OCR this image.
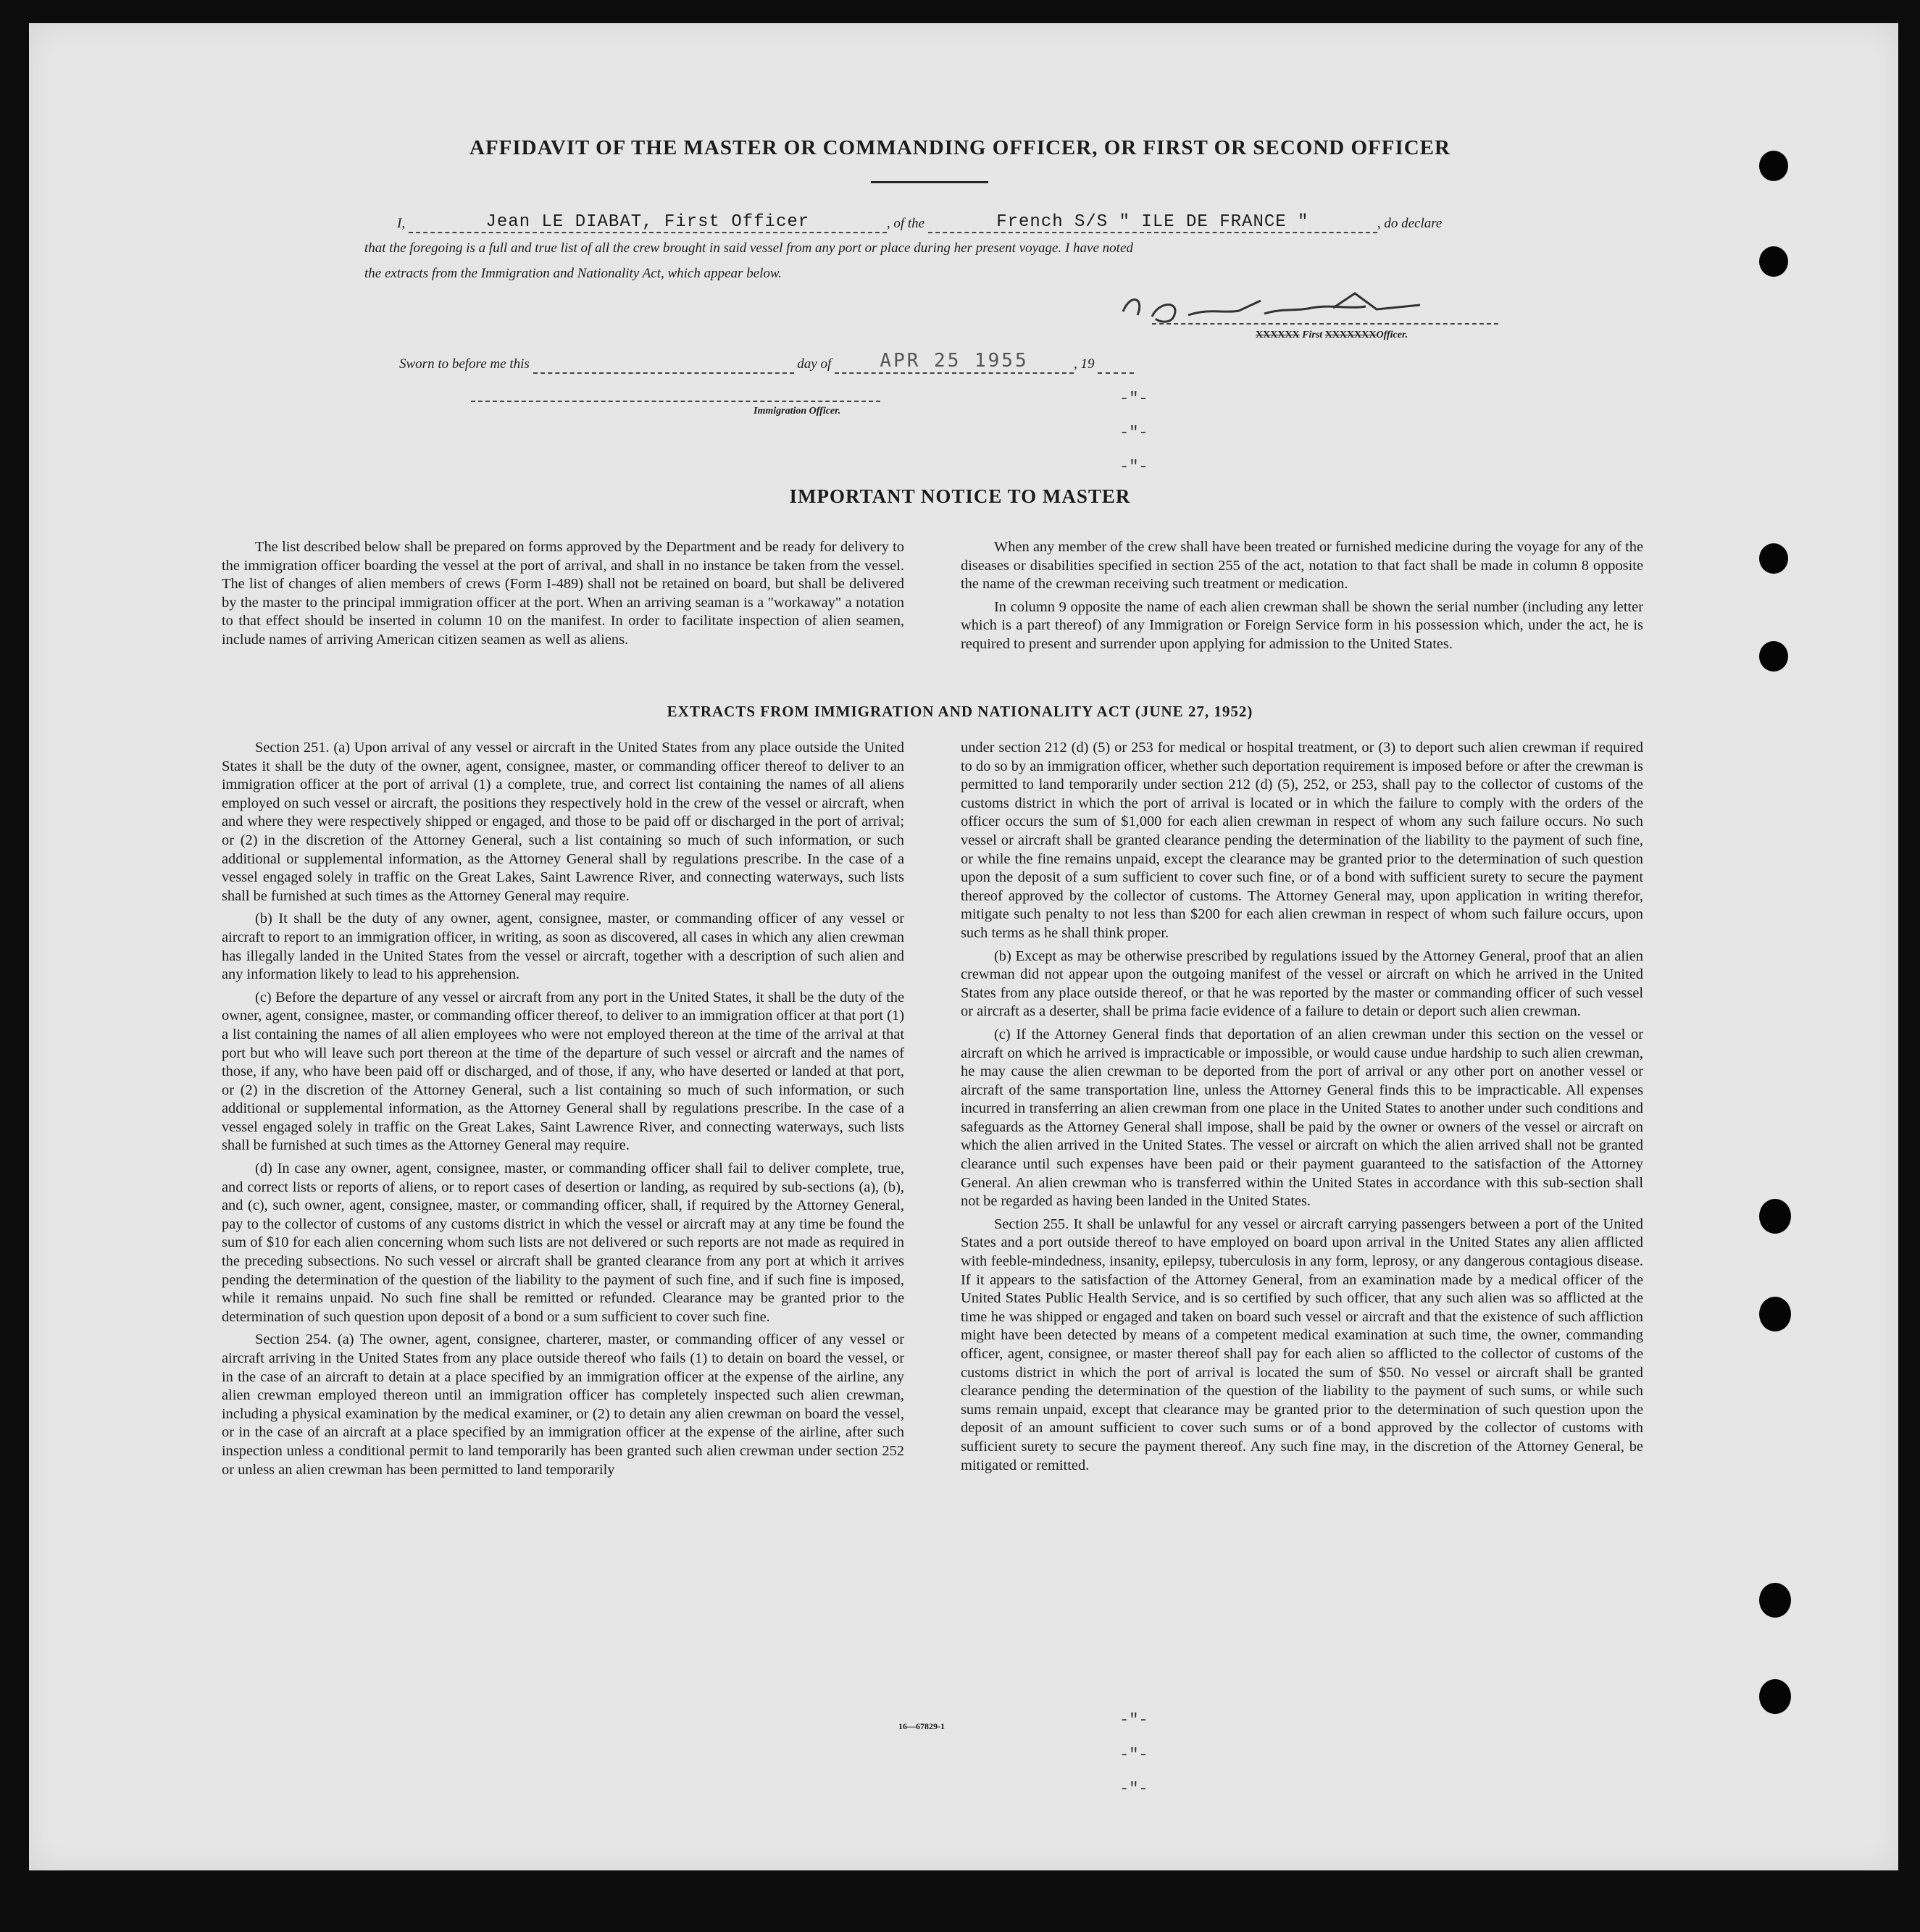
AFFIDAVIT OF THE MASTER OR COMMANDING OFFICER, OR FIRST OR SECOND OFFICER
I,	Jean LE DIABAT, First Officer	, of the	French S/S " ILE DE FRANCE "	, do declare
that the foregoing is a full and true list of all the crew brought in said vessel from any port or place during her present voyage. I have noted
the extracts from the Immigration and Nationality Act, which appear below.
XXXXXX First XXXXXXXOfficer.
Sworn to before me this	day of	APR 25 1955	, 19
Immigration Officer.
-"-
-"-
-"-
IMPORTANT NOTICE TO MASTER

The list described below shall be prepared on forms approved by the Department and be ready for delivery to the immigration officer boarding the vessel at the port of arrival, and shall in no instance be taken from the vessel. The list of changes of alien members of crews (Form I-489) shall not be retained on board, but shall be delivered by the master to the principal immigration officer at the port. When an arriving seaman is a "workaway" a notation to that effect should be inserted in column 10 on the manifest. In order to facilitate inspection of alien seamen, include names of arriving American citizen seamen as well as aliens.

When any member of the crew shall have been treated or furnished medicine during the voyage for any of the diseases or disabilities specified in section 255 of the act, notation to that fact shall be made in column 8 opposite the name of the crewman receiving such treatment or medication.

In column 9 opposite the name of each alien crewman shall be shown the serial number (including any letter which is a part thereof) of any Immigration or Foreign Service form in his possession which, under the act, he is required to present and surrender upon applying for admission to the United States.

EXTRACTS FROM IMMIGRATION AND NATIONALITY ACT (JUNE 27, 1952)

Section 251. (a) Upon arrival of any vessel or aircraft in the United States from any place outside the United States it shall be the duty of the owner, agent, consignee, master, or commanding officer thereof to deliver to an immigration officer at the port of arrival (1) a complete, true, and correct list containing the names of all aliens employed on such vessel or aircraft, the positions they respectively hold in the crew of the vessel or aircraft, when and where they were respectively shipped or engaged, and those to be paid off or discharged in the port of arrival; or (2) in the discretion of the Attorney General, such a list containing so much of such information, or such additional or supplemental information, as the Attorney General shall by regulations prescribe. In the case of a vessel engaged solely in traffic on the Great Lakes, Saint Lawrence River, and connecting waterways, such lists shall be furnished at such times as the Attorney General may require.

(b) It shall be the duty of any owner, agent, consignee, master, or commanding officer of any vessel or aircraft to report to an immigration officer, in writing, as soon as discovered, all cases in which any alien crewman has illegally landed in the United States from the vessel or aircraft, together with a description of such alien and any information likely to lead to his apprehension.

(c) Before the departure of any vessel or aircraft from any port in the United States, it shall be the duty of the owner, agent, consignee, master, or commanding officer thereof, to deliver to an immigration officer at that port (1) a list containing the names of all alien employees who were not employed thereon at the time of the arrival at that port but who will leave such port thereon at the time of the departure of such vessel or aircraft and the names of those, if any, who have been paid off or discharged, and of those, if any, who have deserted or landed at that port, or (2) in the discretion of the Attorney General, such a list containing so much of such information, or such additional or supplemental information, as the Attorney General shall by regulations prescribe. In the case of a vessel engaged solely in traffic on the Great Lakes, Saint Lawrence River, and connecting waterways, such lists shall be furnished at such times as the Attorney General may require.

(d) In case any owner, agent, consignee, master, or commanding officer shall fail to deliver complete, true, and correct lists or reports of aliens, or to report cases of desertion or landing, as required by sub-sections (a), (b), and (c), such owner, agent, consignee, master, or commanding officer, shall, if required by the Attorney General, pay to the collector of customs of any customs district in which the vessel or aircraft may at any time be found the sum of $10 for each alien concerning whom such lists are not delivered or such reports are not made as required in the preceding subsections. No such vessel or aircraft shall be granted clearance from any port at which it arrives pending the determination of the question of the liability to the payment of such fine, and if such fine is imposed, while it remains unpaid. No such fine shall be remitted or refunded. Clearance may be granted prior to the determination of such question upon deposit of a bond or a sum sufficient to cover such fine.

Section 254. (a) The owner, agent, consignee, charterer, master, or commanding officer of any vessel or aircraft arriving in the United States from any place outside thereof who fails (1) to detain on board the vessel, or in the case of an aircraft to detain at a place specified by an immigration officer at the expense of the airline, any alien crewman employed thereon until an immigration officer has completely inspected such alien crewman, including a physical examination by the medical examiner, or (2) to detain any alien crewman on board the vessel, or in the case of an aircraft at a place specified by an immigration officer at the expense of the airline, after such inspection unless a conditional permit to land temporarily has been granted such alien crewman under section 252 or unless an alien crewman has been permitted to land temporarily

under section 212 (d) (5) or 253 for medical or hospital treatment, or (3) to deport such alien crewman if required to do so by an immigration officer, whether such deportation requirement is imposed before or after the crewman is permitted to land temporarily under section 212 (d) (5), 252, or 253, shall pay to the collector of customs of the customs district in which the port of arrival is located or in which the failure to comply with the orders of the officer occurs the sum of $1,000 for each alien crewman in respect of whom any such failure occurs. No such vessel or aircraft shall be granted clearance pending the determination of the liability to the payment of such fine, or while the fine remains unpaid, except the clearance may be granted prior to the determination of such question upon the deposit of a sum sufficient to cover such fine, or of a bond with sufficient surety to secure the payment thereof approved by the collector of customs. The Attorney General may, upon application in writing therefor, mitigate such penalty to not less than $200 for each alien crewman in respect of whom such failure occurs, upon such terms as he shall think proper.

(b) Except as may be otherwise prescribed by regulations issued by the Attorney General, proof that an alien crewman did not appear upon the outgoing manifest of the vessel or aircraft on which he arrived in the United States from any place outside thereof, or that he was reported by the master or commanding officer of such vessel or aircraft as a deserter, shall be prima facie evidence of a failure to detain or deport such alien crewman.

(c) If the Attorney General finds that deportation of an alien crewman under this section on the vessel or aircraft on which he arrived is impracticable or impossible, or would cause undue hardship to such alien crewman, he may cause the alien crewman to be deported from the port of arrival or any other port on another vessel or aircraft of the same transportation line, unless the Attorney General finds this to be impracticable. All expenses incurred in transferring an alien crewman from one place in the United States to another under such conditions and safeguards as the Attorney General shall impose, shall be paid by the owner or owners of the vessel or aircraft on which the alien arrived in the United States. The vessel or aircraft on which the alien arrived shall not be granted clearance until such expenses have been paid or their payment guaranteed to the satisfaction of the Attorney General. An alien crewman who is transferred within the United States in accordance with this sub-section shall not be regarded as having been landed in the United States.

Section 255. It shall be unlawful for any vessel or aircraft carrying passengers between a port of the United States and a port outside thereof to have employed on board upon arrival in the United States any alien afflicted with feeble-mindedness, insanity, epilepsy, tuberculosis in any form, leprosy, or any dangerous contagious disease. If it appears to the satisfaction of the Attorney General, from an examination made by a medical officer of the United States Public Health Service, and is so certified by such officer, that any such alien was so afflicted at the time he was shipped or engaged and taken on board such vessel or aircraft and that the existence of such affliction might have been detected by means of a competent medical examination at such time, the owner, commanding officer, agent, consignee, or master thereof shall pay for each alien so afflicted to the collector of customs of the customs district in which the port of arrival is located the sum of $50. No vessel or aircraft shall be granted clearance pending the determination of the question of the liability to the payment of such sums, or while such sums remain unpaid, except that clearance may be granted prior to the determination of such question upon the deposit of an amount sufficient to cover such sums or of a bond approved by the collector of customs with sufficient surety to secure the payment thereof. Any such fine may, in the discretion of the Attorney General, be mitigated or remitted.

-"-
-"-
-"-
16—67829-1
